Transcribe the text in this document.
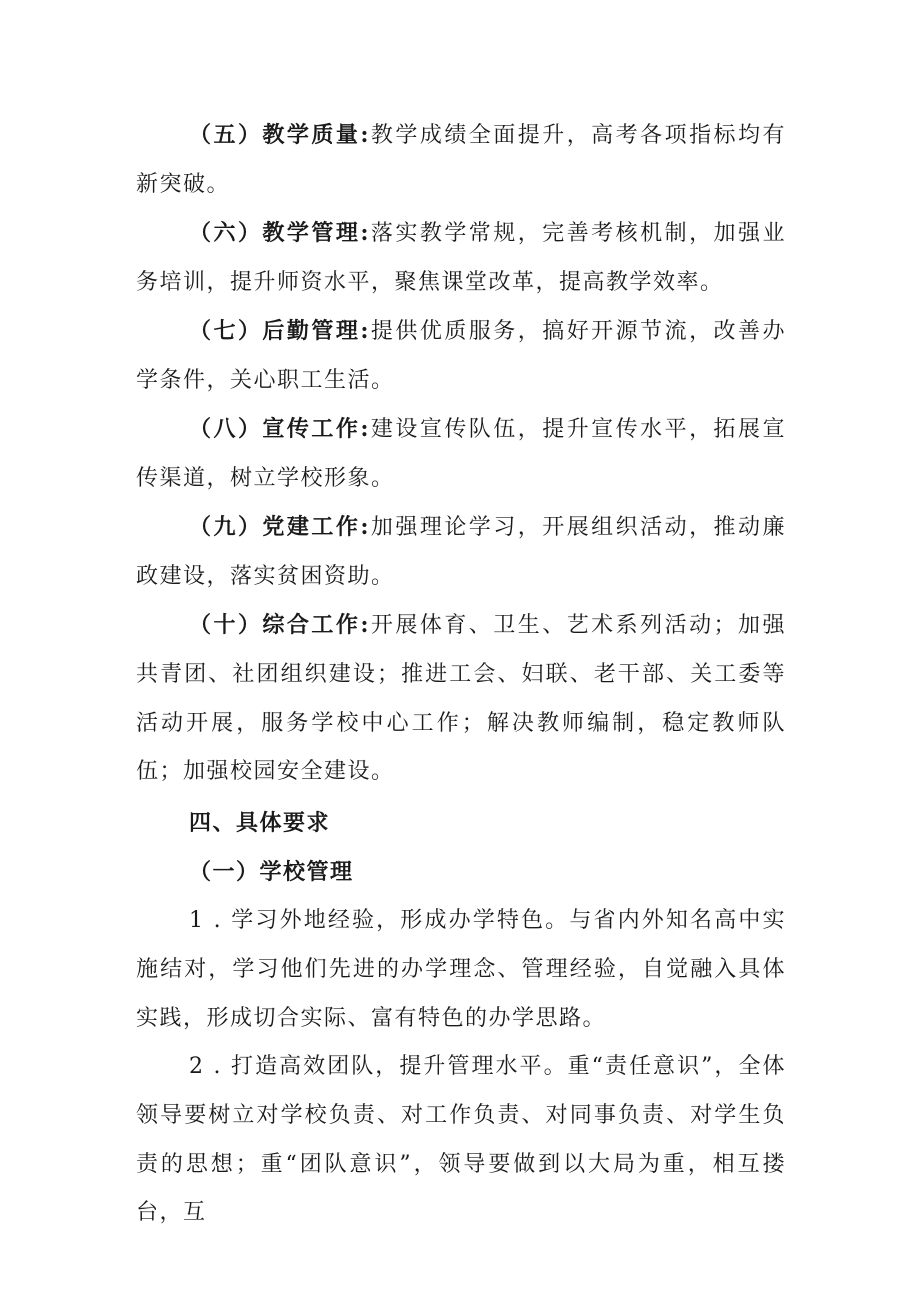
（五）教学质量:教学成绩全面提升，高考各项指标均有新突破。

（六）教学管理:落实教学常规，完善考核机制，加强业务培训，提升师资水平，聚焦课堂改革，提高教学效率。

（七）后勤管理:提供优质服务，搞好开源节流，改善办学条件，关心职工生活。

（八）宣传工作:建设宣传队伍，提升宣传水平，拓展宣传渠道，树立学校形象。

（九）党建工作:加强理论学习，开展组织活动，推动廉政建设，落实贫困资助。

（十）综合工作:开展体育、卫生、艺术系列活动；加强共青团、社团组织建设；推进工会、妇联、老干部、关工委等活动开展，服务学校中心工作；解决教师编制，稳定教师队伍；加强校园安全建设。

四、具体要求

（一）学校管理

1 . 学习外地经验，形成办学特色。与省内外知名高中实施结对，学习他们先进的办学理念、管理经验，自觉融入具体实践，形成切合实际、富有特色的办学思路。

2 . 打造高效团队，提升管理水平。重“责任意识”，全体领导要树立对学校负责、对工作负责、对同事负责、对学生负责的思想；重“团队意识”，领导要做到以大局为重，相互搂台，互
